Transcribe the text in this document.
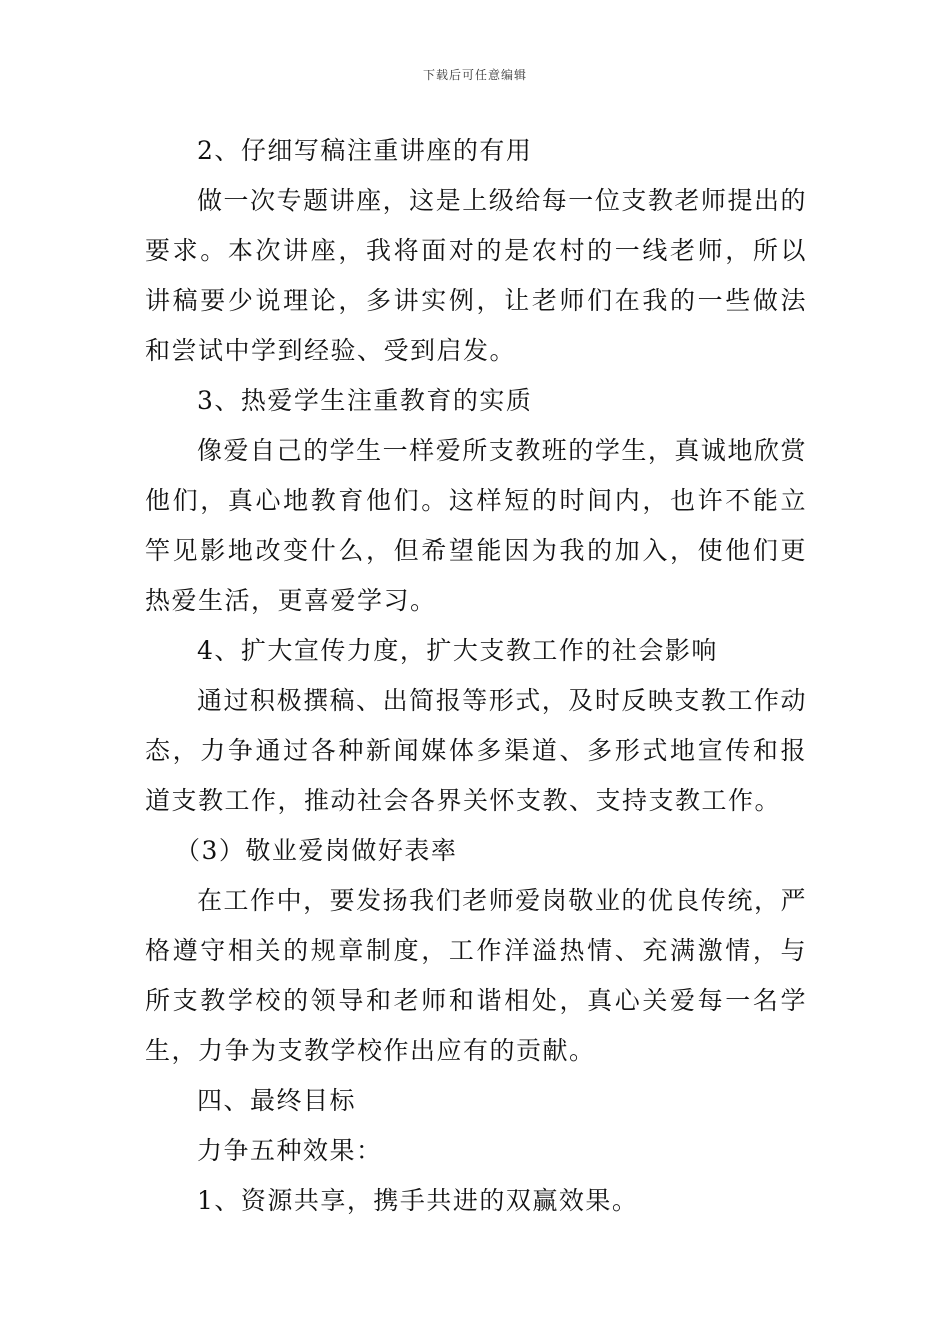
下载后可任意编辑

2、仔细写稿注重讲座的有用

做一次专题讲座，这是上级给每一位支教老师提出的要求。本次讲座，我将面对的是农村的一线老师，所以讲稿要少说理论，多讲实例，让老师们在我的一些做法和尝试中学到经验、受到启发。

3、热爱学生注重教育的实质

像爱自己的学生一样爱所支教班的学生，真诚地欣赏他们，真心地教育他们。这样短的时间内，也许不能立竿见影地改变什么，但希望能因为我的加入，使他们更热爱生活，更喜爱学习。

4、扩大宣传力度，扩大支教工作的社会影响

通过积极撰稿、出简报等形式，及时反映支教工作动态，力争通过各种新闻媒体多渠道、多形式地宣传和报道支教工作，推动社会各界关怀支教、支持支教工作。

（3）敬业爱岗做好表率

在工作中，要发扬我们老师爱岗敬业的优良传统，严格遵守相关的规章制度，工作洋溢热情、充满激情，与所支教学校的领导和老师和谐相处，真心关爱每一名学生，力争为支教学校作出应有的贡献。

四、最终目标

力争五种效果：

1、资源共享，携手共进的双赢效果。
